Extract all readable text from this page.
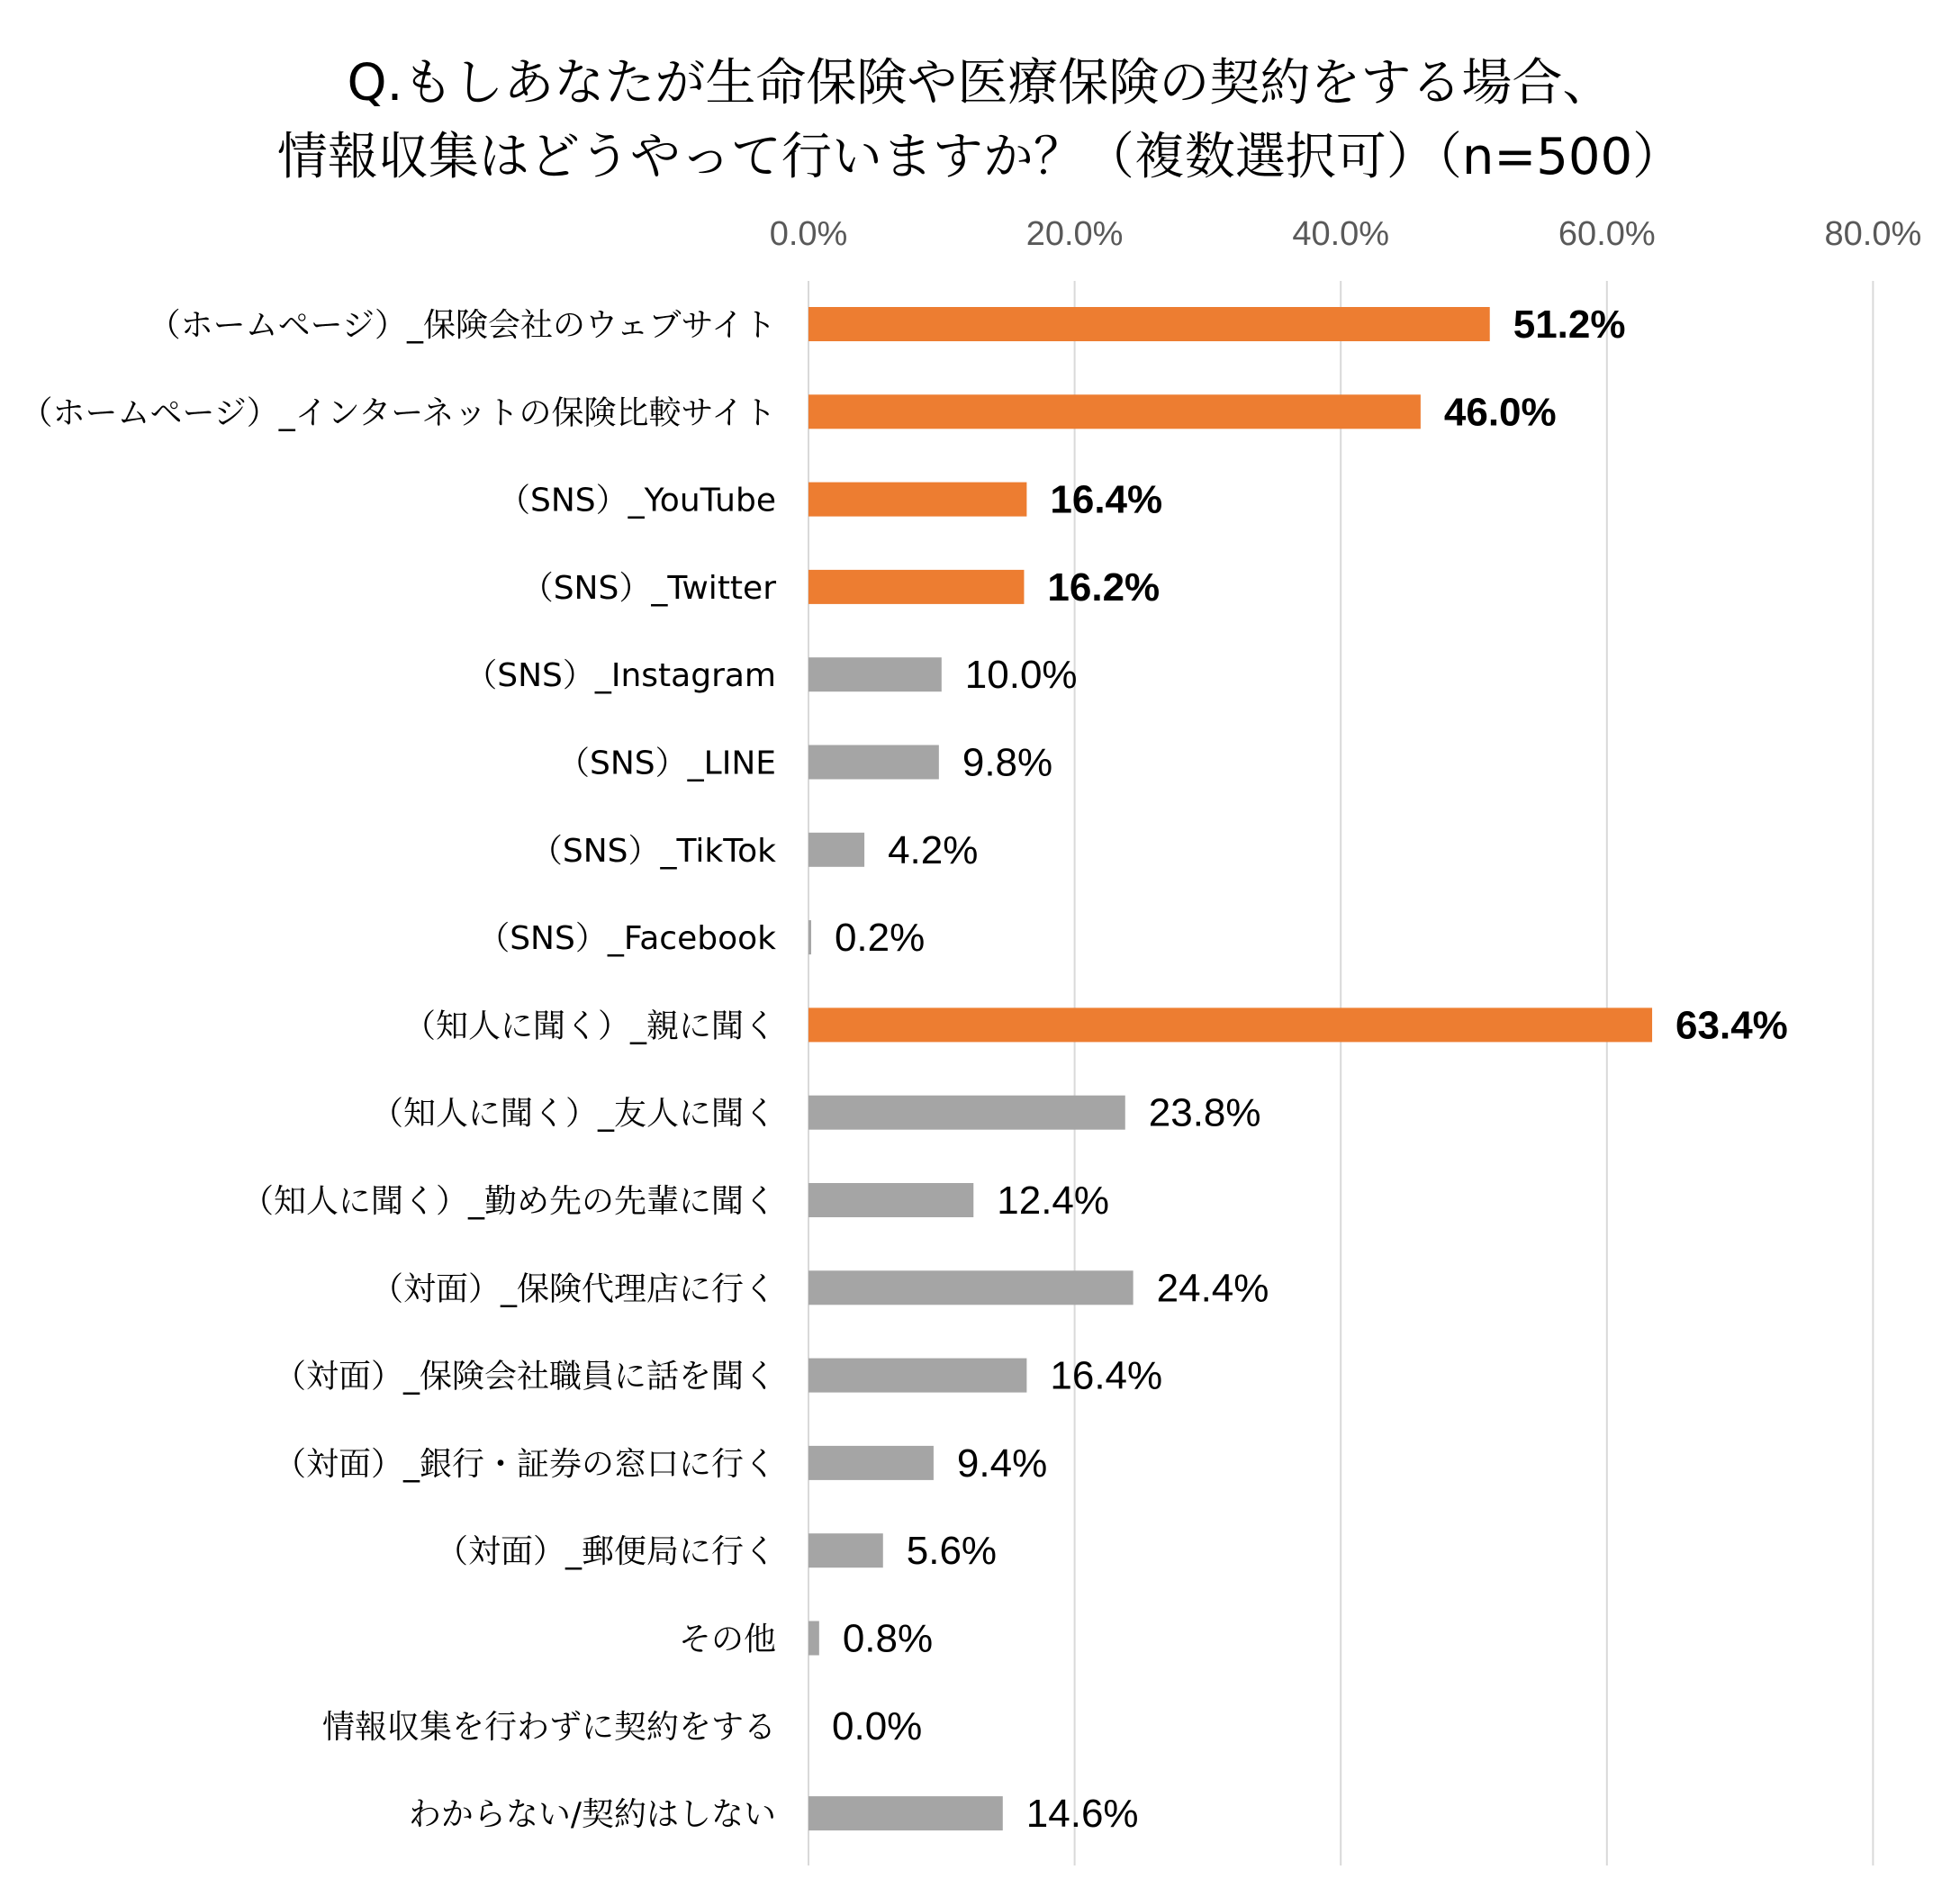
Q.もしあなたが生命保険や医療保険の契約をする場合、
情報収集はどうやって行いますか？（複数選択可）（n=500）
0.0%	20.0%	40.0%	60.0%	80.0%
（ホームページ）_保険会社のウェブサイト	51.2%
（ホームページ）_インターネットの保険比較サイト	46.0%
（SNS）_YouTube	16.4%
（SNS）_Twitter	16.2%
（SNS）_Instagram	10.0%
（SNS）_LINE	9.8%
（SNS）_TikTok	4.2%
（SNS）_Facebook 0.2%
（知人に聞く）_親に聞く	63.4%
（知人に聞く）_友人に聞く	23.8%
（知人に聞く）_勤め先の先輩に聞く	12.4%
（対面）_保険代理店に行く	24.4%
（対面）_保険会社職員に話を聞く	16.4%
（対面）_銀行・証券の窓口に行く	9.4%
（対面）_郵便局に行く	5.6%
その他 0.8%
情報収集を行わずに契約をする 0.0%
わからない/契約はしない	14.6%
